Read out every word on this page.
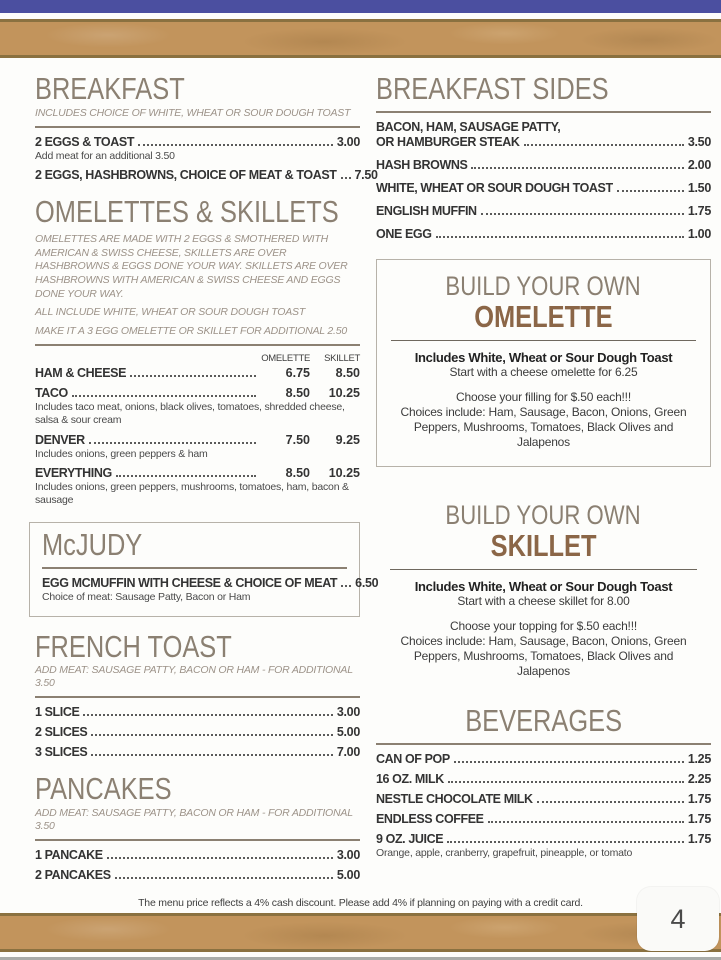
BREAKFAST
INCLUDES CHOICE OF WHITE, WHEAT OR SOUR DOUGH TOAST
2 EGGS & TOAST	3.00
Add meat for an additional 3.50
2 EGGS, HASHBROWNS, CHOICE OF MEAT & TOAST 7.50
OMELETTES & SKILLETS
OMELETTES ARE MADE WITH 2 EGGS & SMOTHERED WITH AMERICAN & SWISS CHEESE, SKILLETS ARE OVER HASHBROWNS & EGGS DONE YOUR WAY. SKILLETS ARE OVER HASHBROWNS WITH AMERICAN & SWISS CHEESE AND EGGS DONE YOUR WAY.
ALL INCLUDE WHITE, WHEAT OR SOUR DOUGH TOAST
MAKE IT A 3 EGG OMELETTE OR SKILLET FOR ADDITIONAL 2.50
OMELETTE	SKILLET
HAM & CHEESE	6.75	8.50
TACO	8.50	10.25
Includes taco meat, onions, black olives, tomatoes, shredded cheese, salsa & sour cream
DENVER	7.50	9.25
Includes onions, green peppers & ham
EVERYTHING	8.50	10.25
Includes onions, green peppers, mushrooms, tomatoes, ham, bacon & sausage
McJUDY
EGG MCMUFFIN WITH CHEESE & CHOICE OF MEAT 6.50
Choice of meat: Sausage Patty, Bacon or Ham
FRENCH TOAST
ADD MEAT: SAUSAGE PATTY, BACON OR HAM - FOR ADDITIONAL 3.50
1 SLICE	3.00
2 SLICES	5.00
3 SLICES	7.00
PANCAKES
ADD MEAT: SAUSAGE PATTY, BACON OR HAM - FOR ADDITIONAL 3.50
1 PANCAKE	3.00
2 PANCAKES	5.00
BREAKFAST SIDES
BACON, HAM, SAUSAGE PATTY,
OR HAMBURGER STEAK	3.50
HASH BROWNS	2.00
WHITE, WHEAT OR SOUR DOUGH TOAST	1.50
ENGLISH MUFFIN	1.75
ONE EGG	1.00
BUILD YOUR OWN
OMELETTE
Includes White, Wheat or Sour Dough Toast
Start with a cheese omelette for 6.25
Choose your filling for $.50 each!!!
Choices include: Ham, Sausage, Bacon, Onions, Green Peppers, Mushrooms, Tomatoes, Black Olives and Jalapenos
BUILD YOUR OWN
SKILLET
Includes White, Wheat or Sour Dough Toast
Start with a cheese skillet for 8.00
Choose your topping for $.50 each!!!
Choices include: Ham, Sausage, Bacon, Onions, Green Peppers, Mushrooms, Tomatoes, Black Olives and Jalapenos
BEVERAGES
CAN OF POP	1.25
16 OZ. MILK	2.25
NESTLE CHOCOLATE MILK	1.75
ENDLESS COFFEE	1.75
9 OZ. JUICE	1.75
Orange, apple, cranberry, grapefruit, pineapple, or tomato
The menu price reflects a 4% cash discount. Please add 4% if planning on paying with a credit card.
4
